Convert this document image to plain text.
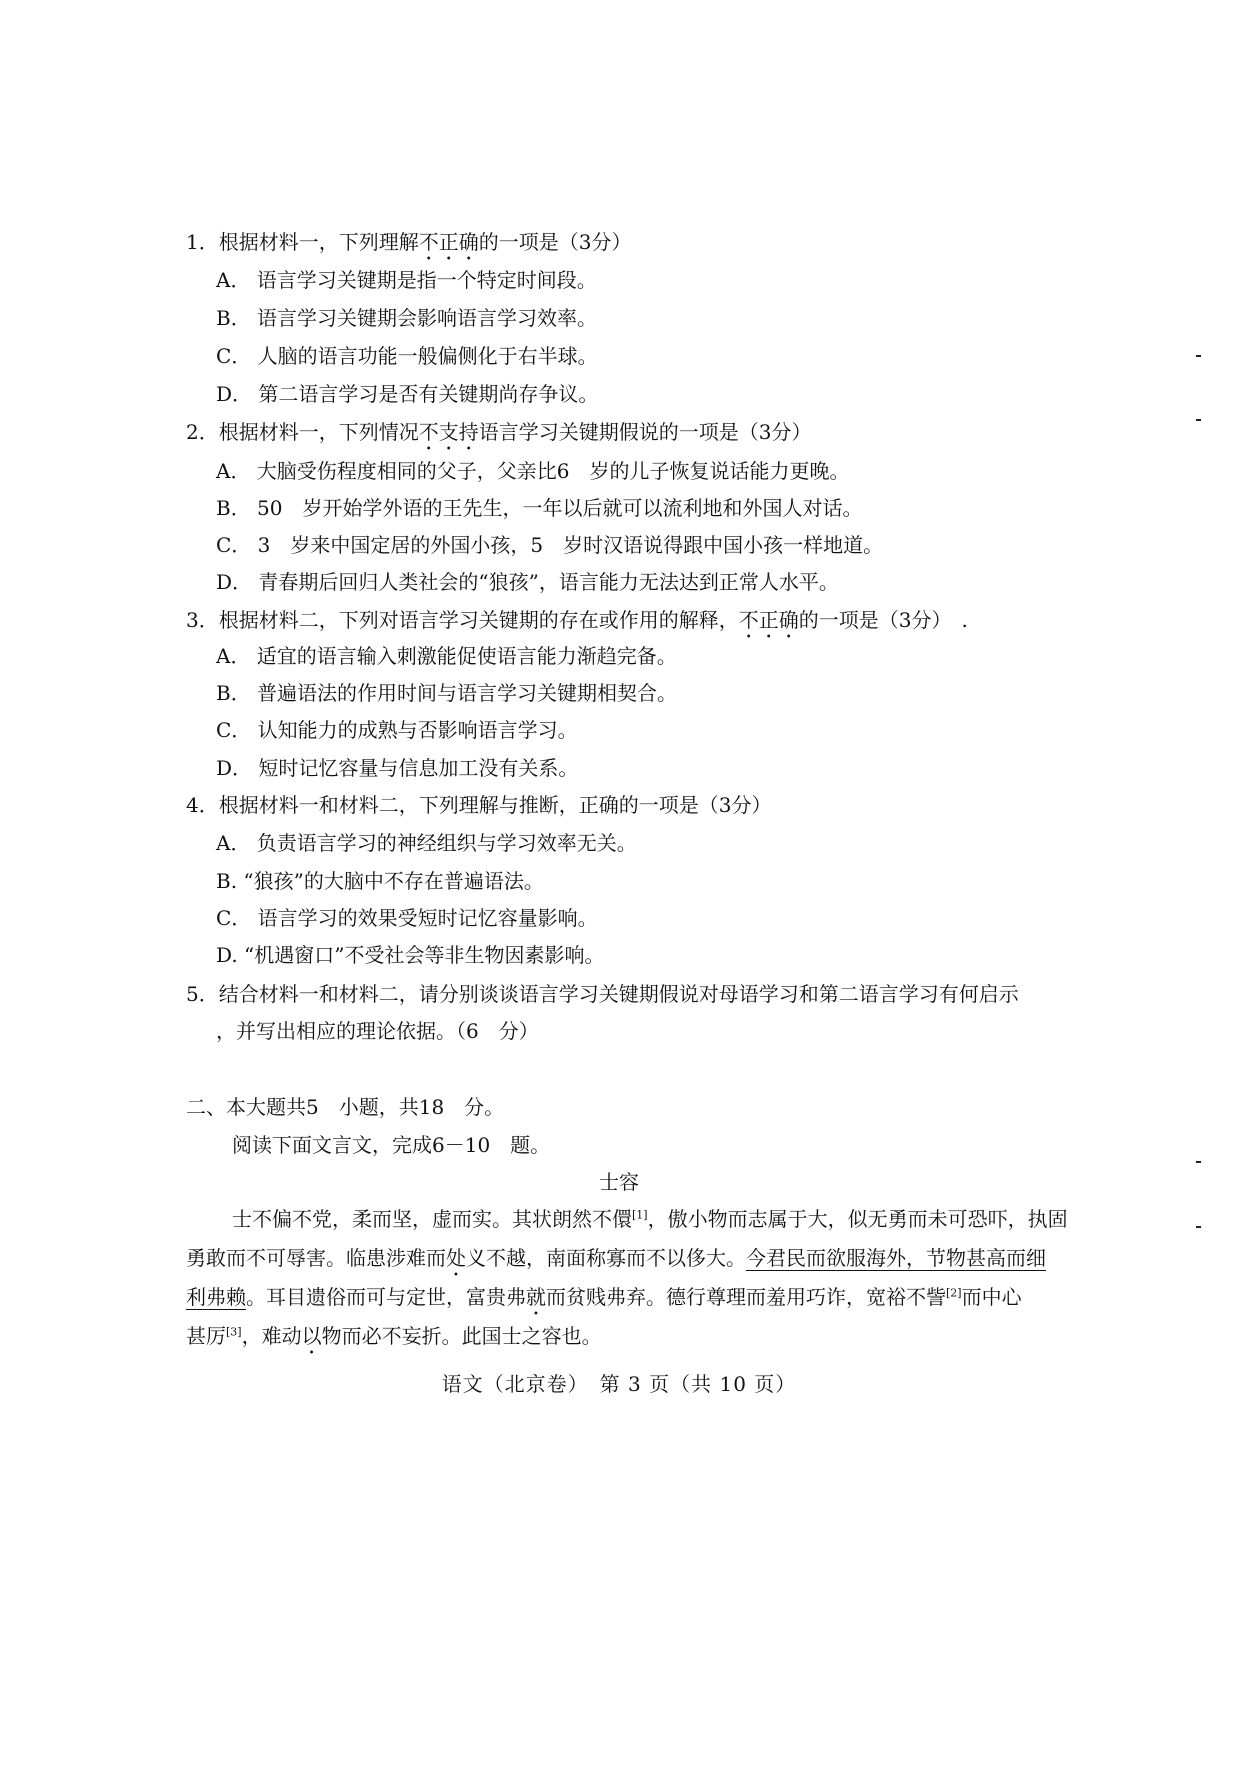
1．根据材料一，下列理解不正确的一项是（3分）
A． 语言学习关键期是指一个特定时间段。
B． 语言学习关键期会影响语言学习效率。
C． 人脑的语言功能一般偏侧化于右半球。
D． 第二语言学习是否有关键期尚存争议。
2．根据材料一，下列情况不支持语言学习关键期假说的一项是（3分）
A． 大脑受伤程度相同的父子，父亲比6　岁的儿子恢复说话能力更晚。
B． 50　岁开始学外语的王先生，一年以后就可以流利地和外国人对话。
C． 3　岁来中国定居的外国小孩，5　岁时汉语说得跟中国小孩一样地道。
D． 青春期后回归人类社会的“狼孩”，语言能力无法达到正常人水平。
3．根据材料二，下列对语言学习关键期的存在或作用的解释，不正确的一项是（3分）　.
A． 适宜的语言输入刺激能促使语言能力渐趋完备。
B． 普遍语法的作用时间与语言学习关键期相契合。
C． 认知能力的成熟与否影响语言学习。
D． 短时记忆容量与信息加工没有关系。
4．根据材料一和材料二，下列理解与推断，正确的一项是（3分）
A． 负责语言学习的神经组织与学习效率无关。
B. “狼孩”的大脑中不存在普遍语法。
C． 语言学习的效果受短时记忆容量影响。
D. “机遇窗口”不受社会等非生物因素影响。
5．结合材料一和材料二，请分别谈谈语言学习关键期假说对母语学习和第二语言学习有何启示
，并写出相应的理论依据。（6　分）
二、本大题共5　小题，共18　分。
阅读下面文言文，完成6－10　题。
士容
士不偏不党，柔而坚，虚而实。其状朗然不儇[1]，傲小物而志属于大，似无勇而未可恐吓，执固
勇敢而不可辱害。临患涉难而处义不越，南面称寡而不以侈大。今君民而欲服海外，节物甚高而细
利弗赖。耳目遗俗而可与定世，富贵弗就而贫贱弗弃。德行尊理而羞用巧诈，宽裕不訾[2]而中心
甚厉[3]，难动以物而必不妄折。此国士之容也。
语文（北京卷）　第 3 页（共 10 页）
